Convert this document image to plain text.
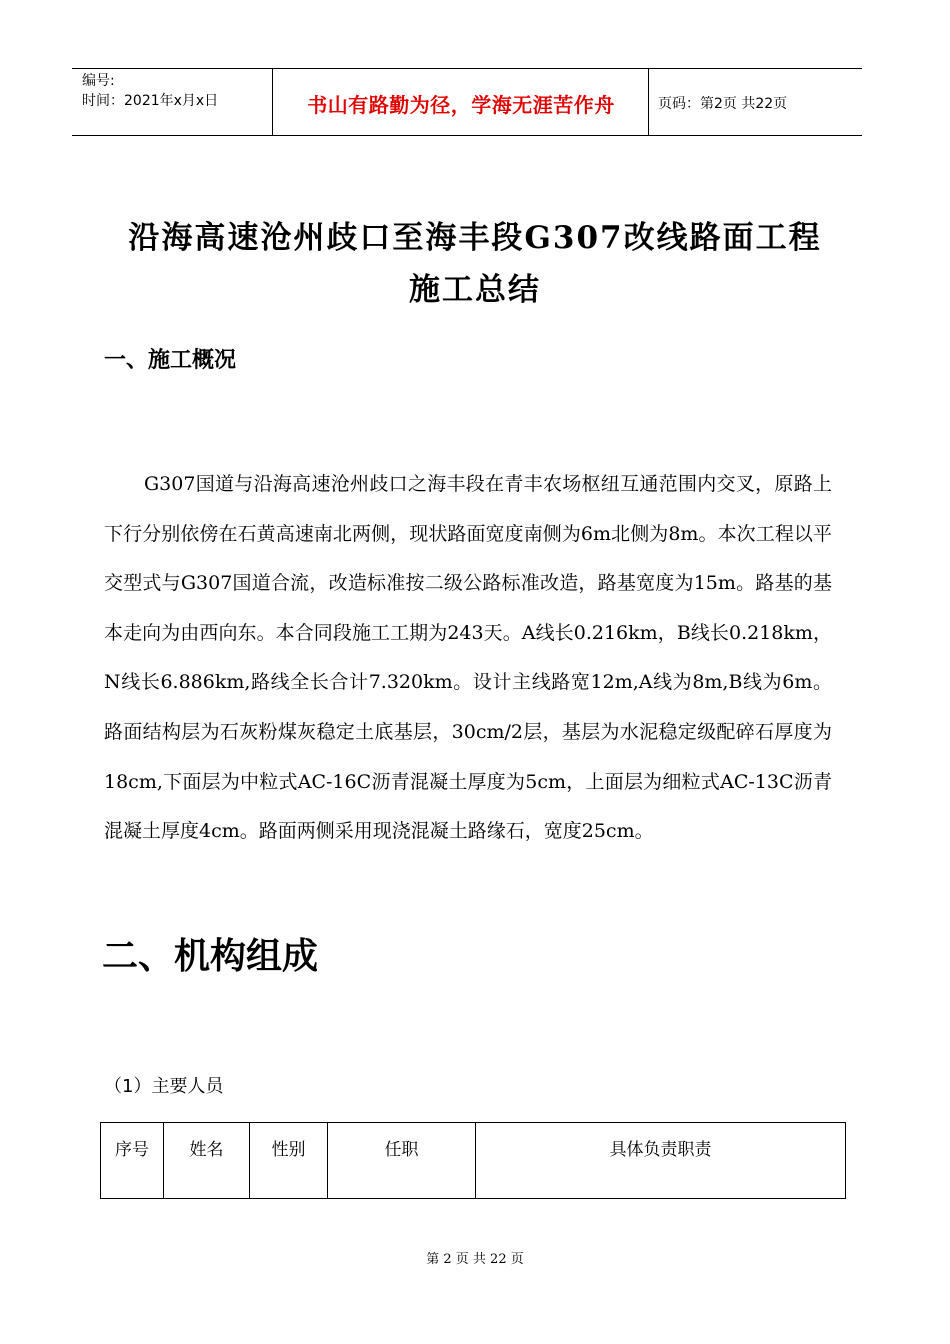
编号:
时间：2021年x月x日	书山有路勤为径，学海无涯苦作舟	页码：第2页 共22页
沿海高速沧州歧口至海丰段G307改线路面工程
施工总结
一、施工概况
G307国道与沿海高速沧州歧口之海丰段在青丰农场枢纽互通范围内交叉，原路上下行分别依傍在石黄高速南北两侧，现状路面宽度南侧为6m北侧为8m。本次工程以平交型式与G307国道合流，改造标准按二级公路标准改造，路基宽度为15m。路基的基本走向为由西向东。本合同段施工工期为243天。A线长0.216km，B线长0.218km， N线长6.886km,路线全长合计7.320km。设计主线路宽12m,A线为8m,B线为6m。路面结构层为石灰粉煤灰稳定土底基层，30cm/2层，基层为水泥稳定级配碎石厚度为18cm,下面层为中粒式AC-16C沥青混凝土厚度为5cm，上面层为细粒式AC-13C沥青混凝土厚度4cm。路面两侧采用现浇混凝土路缘石，宽度25cm。
二、机构组成
（1）主要人员
序号	姓名	性别	任职	具体负责职责
第 2 页 共 22 页
